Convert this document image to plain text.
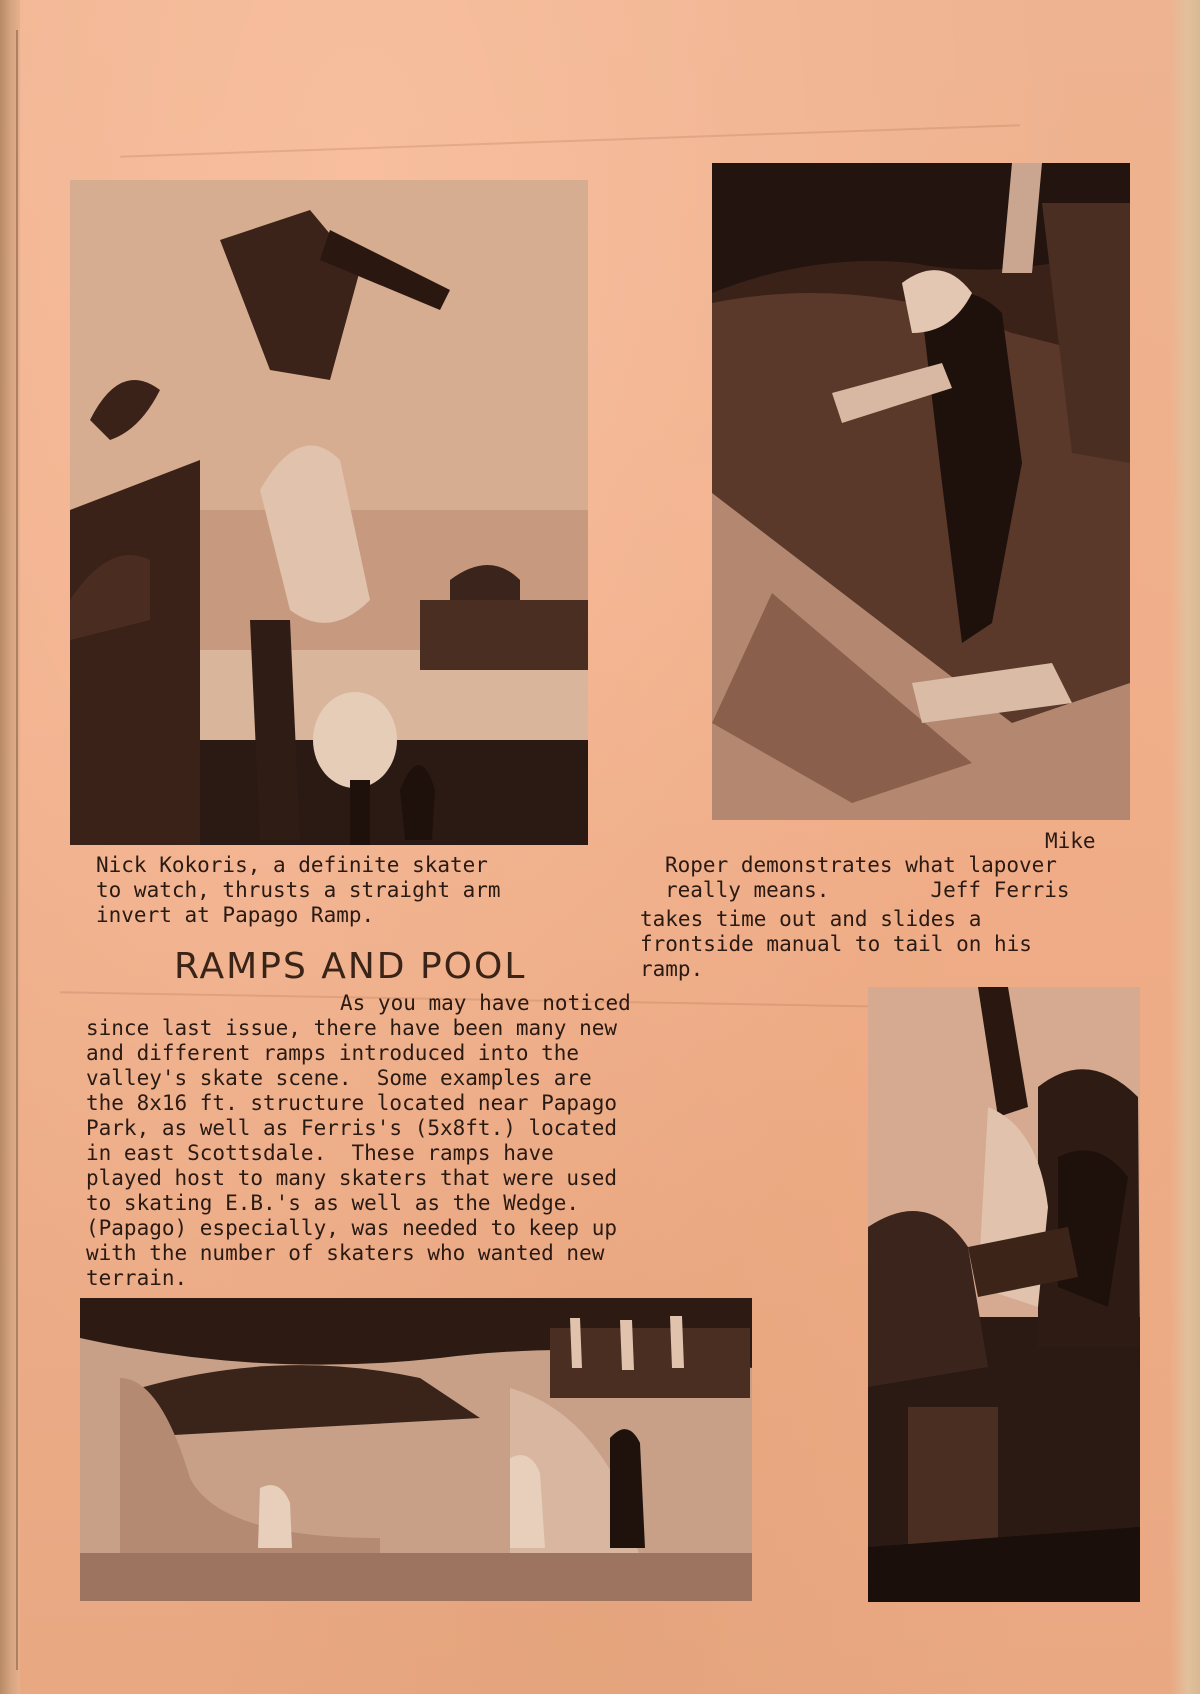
Nick Kokoris, a definite skater
to watch, thrusts a straight arm
invert at Papago Ramp.
Mike
Roper demonstrates what lapover
really means.        Jeff Ferris
takes time out and slides a
frontside manual to tail on his
ramp.
RAMPS AND POOL
As you may have noticed
since last issue, there have been many new
and different ramps introduced into the
valley's skate scene.  Some examples are
the 8x16 ft. structure located near Papago
Park, as well as Ferris's (5x8ft.) located
in east Scottsdale.  These ramps have
played host to many skaters that were used
to skating E.B.'s as well as the Wedge.
(Papago) especially, was needed to keep up
with the number of skaters who wanted new
terrain.
